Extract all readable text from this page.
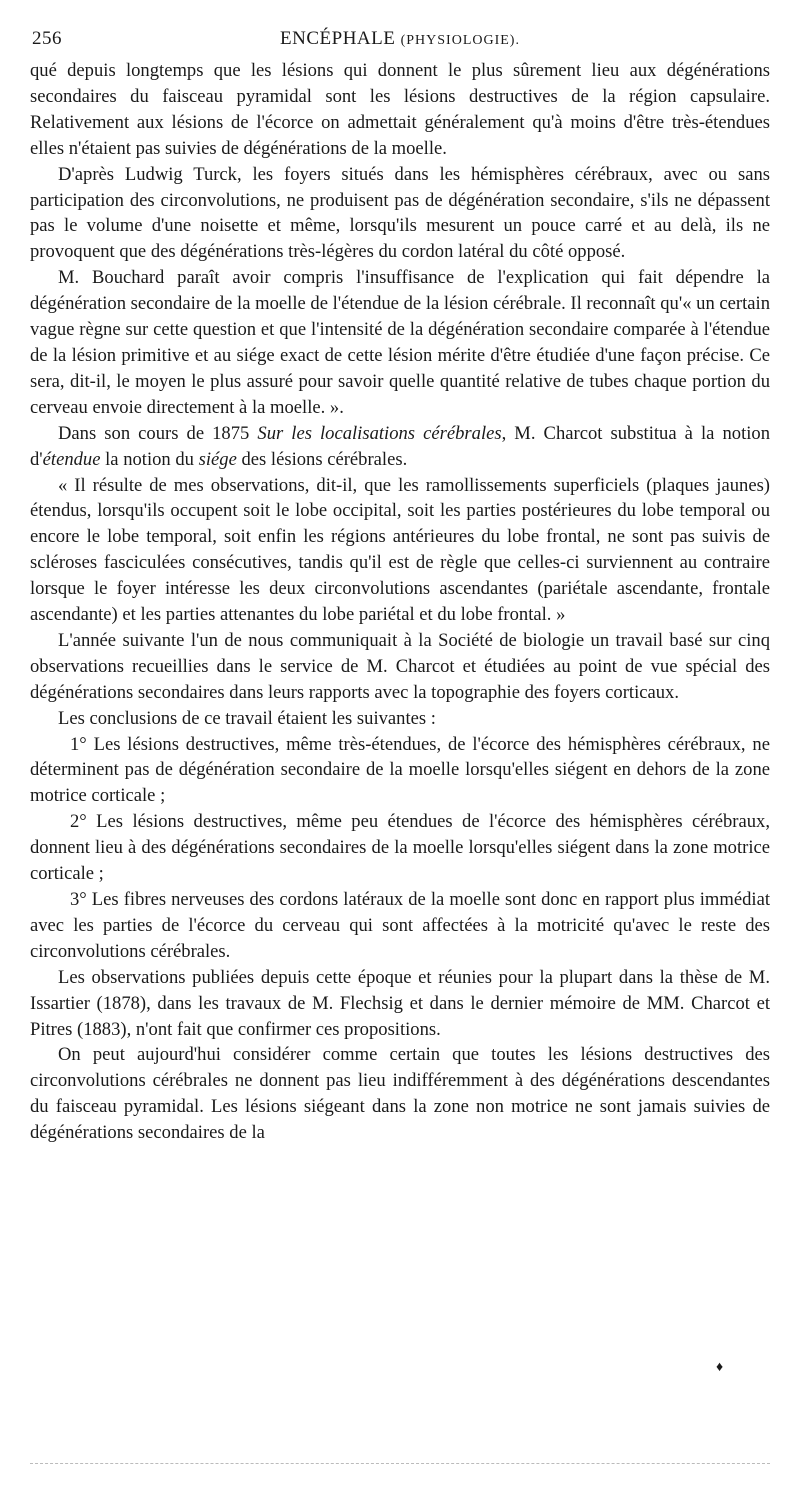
256	ENCÉPHALE (PHYSIOLOGIE).

qué depuis longtemps que les lésions qui donnent le plus sûrement lieu aux dégénérations secondaires du faisceau pyramidal sont les lésions destructives de la région capsulaire. Relativement aux lésions de l'écorce on admettait généralement qu'à moins d'être très-étendues elles n'étaient pas suivies de dégénérations de la moelle.

D'après Ludwig Turck, les foyers situés dans les hémisphères cérébraux, avec ou sans participation des circonvolutions, ne produisent pas de dégénération secondaire, s'ils ne dépassent pas le volume d'une noisette et même, lorsqu'ils mesurent un pouce carré et au delà, ils ne provoquent que des dégénérations très-légères du cordon latéral du côté opposé.

M. Bouchard paraît avoir compris l'insuffisance de l'explication qui fait dépendre la dégénération secondaire de la moelle de l'étendue de la lésion cérébrale. Il reconnaît qu'« un certain vague règne sur cette question et que l'intensité de la dégénération secondaire comparée à l'étendue de la lésion primitive et au siége exact de cette lésion mérite d'être étudiée d'une façon précise. Ce sera, dit-il, le moyen le plus assuré pour savoir quelle quantité relative de tubes chaque portion du cerveau envoie directement à la moelle. ».

Dans son cours de 1875 Sur les localisations cérébrales, M. Charcot substitua à la notion d'étendue la notion du siége des lésions cérébrales.

« Il résulte de mes observations, dit-il, que les ramollissements superficiels (plaques jaunes) étendus, lorsqu'ils occupent soit le lobe occipital, soit les parties postérieures du lobe temporal ou encore le lobe temporal, soit enfin les régions antérieures du lobe frontal, ne sont pas suivis de scléroses fasciculées consécutives, tandis qu'il est de règle que celles-ci surviennent au contraire lorsque le foyer intéresse les deux circonvolutions ascendantes (pariétale ascendante, frontale ascendante) et les parties attenantes du lobe pariétal et du lobe frontal. »

L'année suivante l'un de nous communiquait à la Société de biologie un travail basé sur cinq observations recueillies dans le service de M. Charcot et étudiées au point de vue spécial des dégénérations secondaires dans leurs rapports avec la topographie des foyers corticaux.

Les conclusions de ce travail étaient les suivantes :

1° Les lésions destructives, même très-étendues, de l'écorce des hémisphères cérébraux, ne déterminent pas de dégénération secondaire de la moelle lorsqu'elles siégent en dehors de la zone motrice corticale ;

2° Les lésions destructives, même peu étendues de l'écorce des hémisphères cérébraux, donnent lieu à des dégénérations secondaires de la moelle lorsqu'elles siégent dans la zone motrice corticale ;

3° Les fibres nerveuses des cordons latéraux de la moelle sont donc en rapport plus immédiat avec les parties de l'écorce du cerveau qui sont affectées à la motricité qu'avec le reste des circonvolutions cérébrales.

Les observations publiées depuis cette époque et réunies pour la plupart dans la thèse de M. Issartier (1878), dans les travaux de M. Flechsig et dans le dernier mémoire de MM. Charcot et Pitres (1883), n'ont fait que confirmer ces propositions.

On peut aujourd'hui considérer comme certain que toutes les lésions destructives des circonvolutions cérébrales ne donnent pas lieu indifféremment à des dégénérations descendantes du faisceau pyramidal. Les lésions siégeant dans la zone non motrice ne sont jamais suivies de dégénérations secondaires de la

♦
